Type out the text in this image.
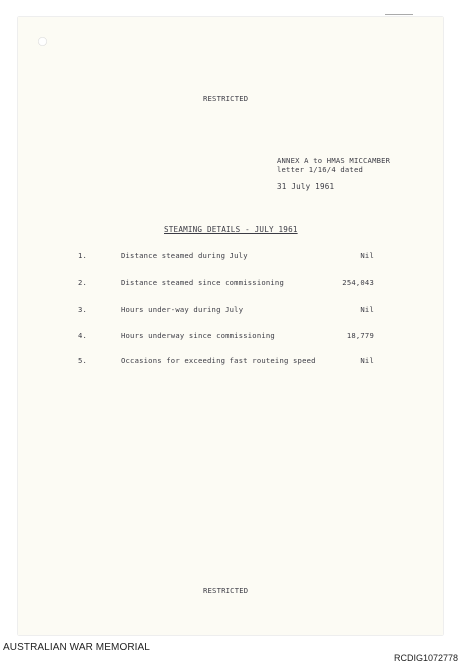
RESTRICTED
ANNEX A to HMAS MICCAMBER
letter 1/16/4 dated
31 July 1961
STEAMING DETAILS - JULY 1961
1.	Distance steamed during July	Nil
2.	Distance steamed since commissioning	254,043
3.	Hours under-way during July	Nil
4.	Hours underway since commissioning	18,779
5.	Occasions for exceeding fast routeing speed	Nil
RESTRICTED
AUSTRALIAN WAR MEMORIAL
RCDIG1072778
